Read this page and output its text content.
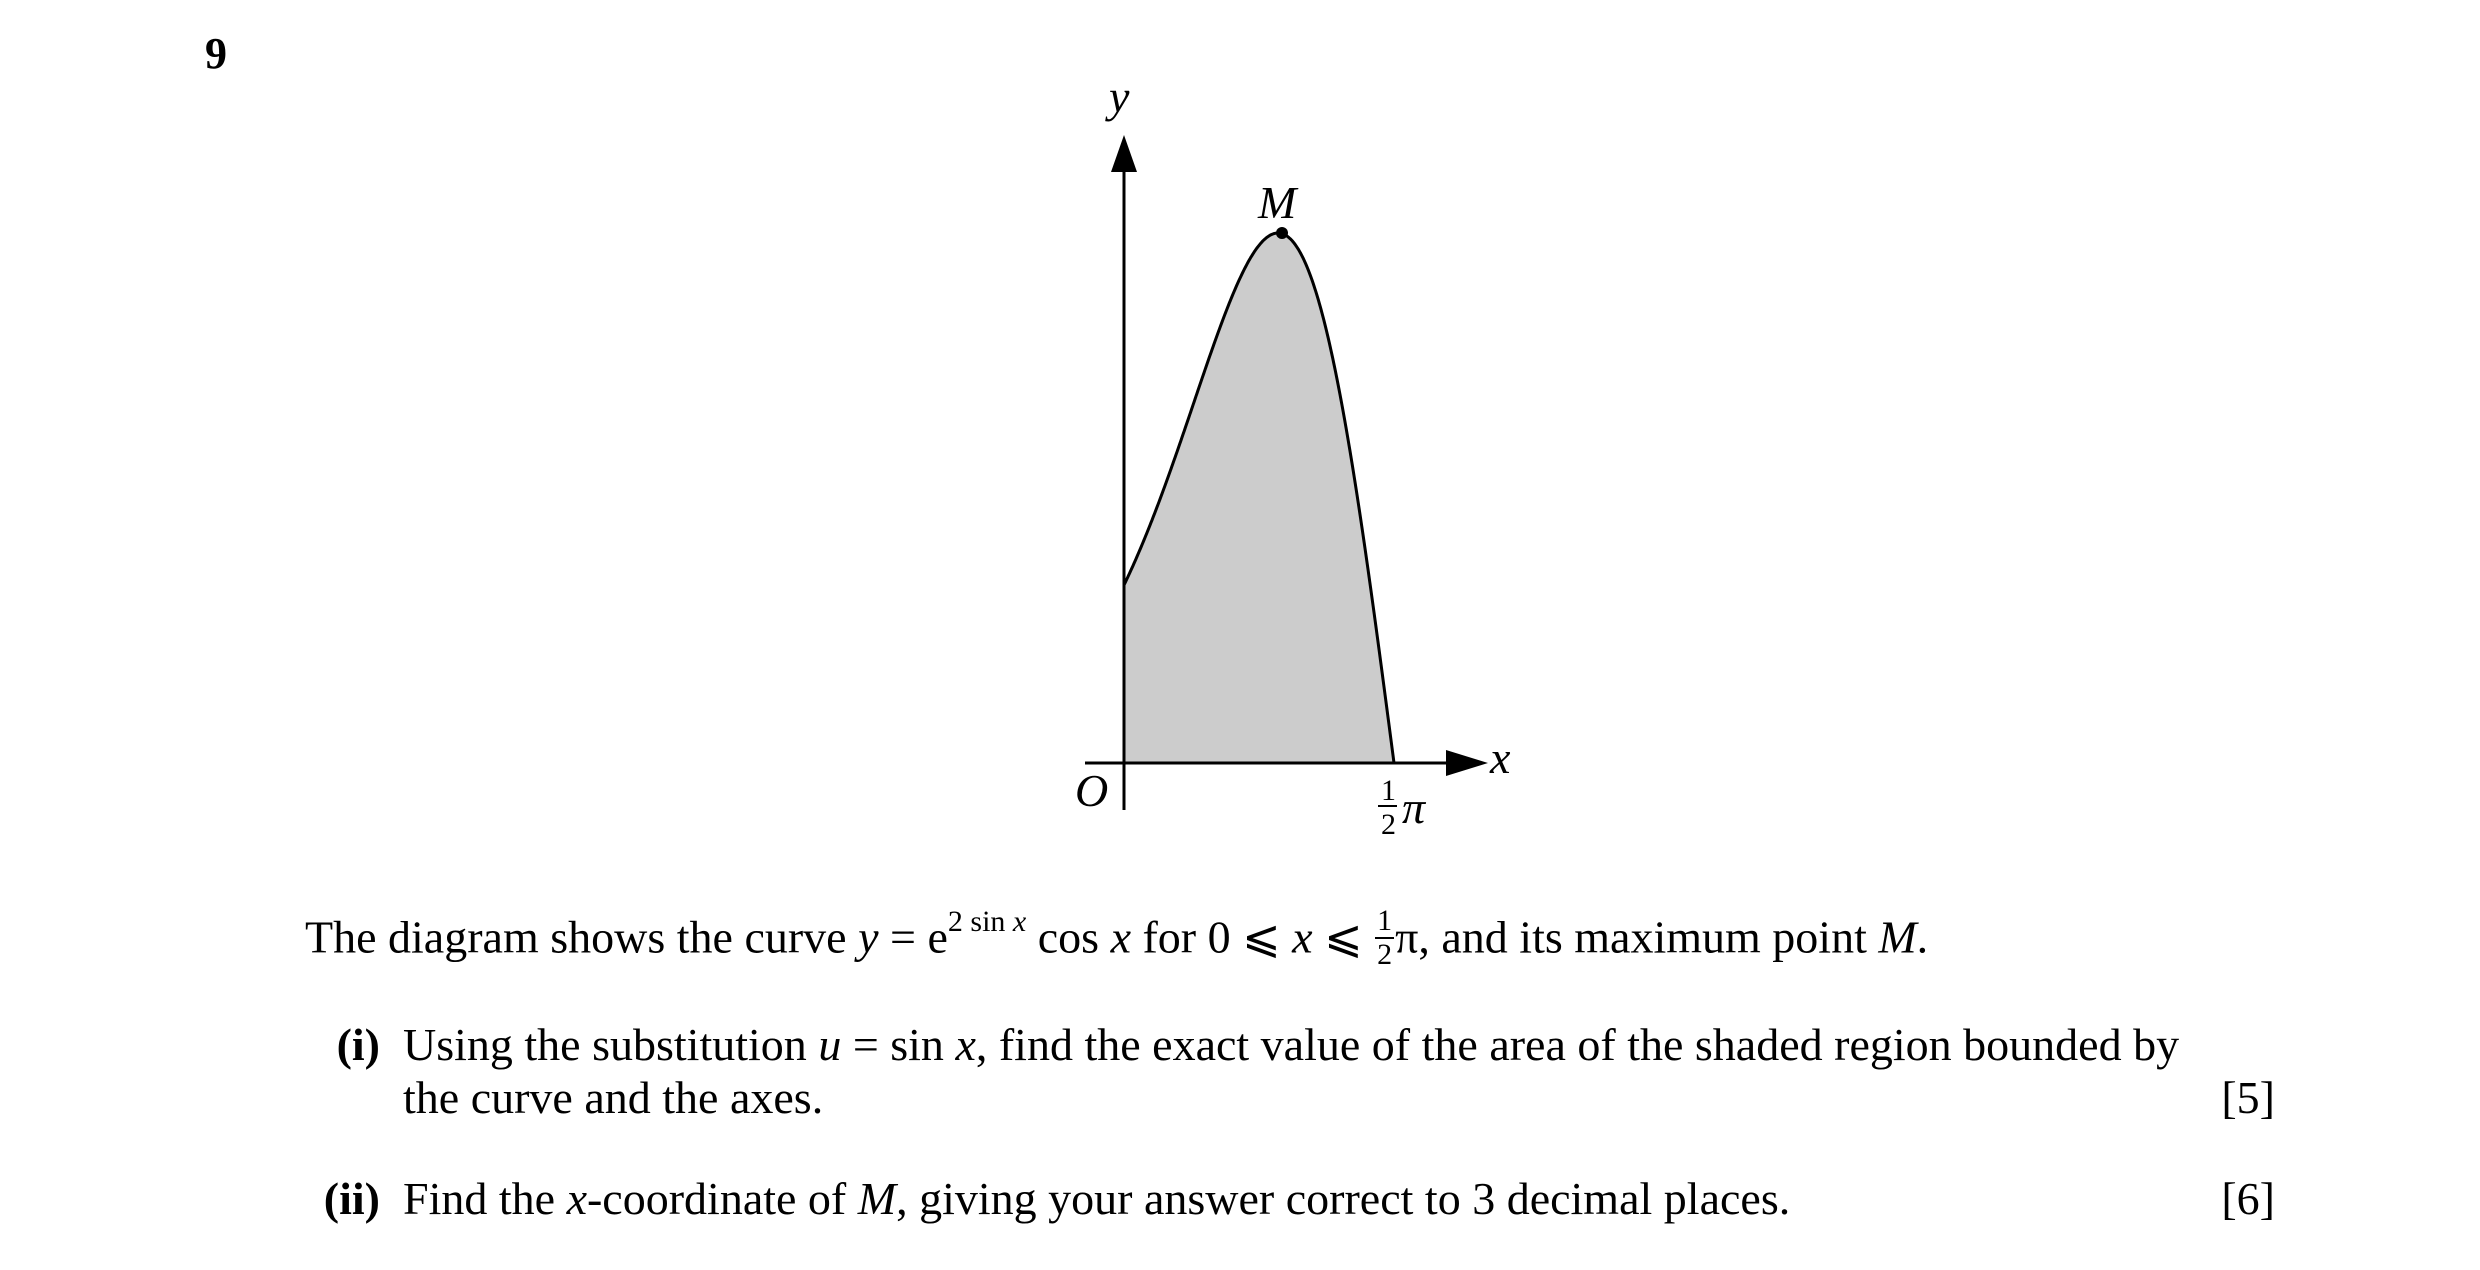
9
y
x
O
M
1
2 π
The diagram shows the curve $y = e^{2 sin x}$ cos x for 0 ⩽ x ⩽ $\frac{1}{2} \pi$, and its maximum point M.
(i) Using the substitution u = sin x, find the exact value of the area of the shaded region bounded by
the curve and the axes.	[5]
(ii) Find the x-coordinate of M, giving your answer correct to 3 decimal places.	[6]
